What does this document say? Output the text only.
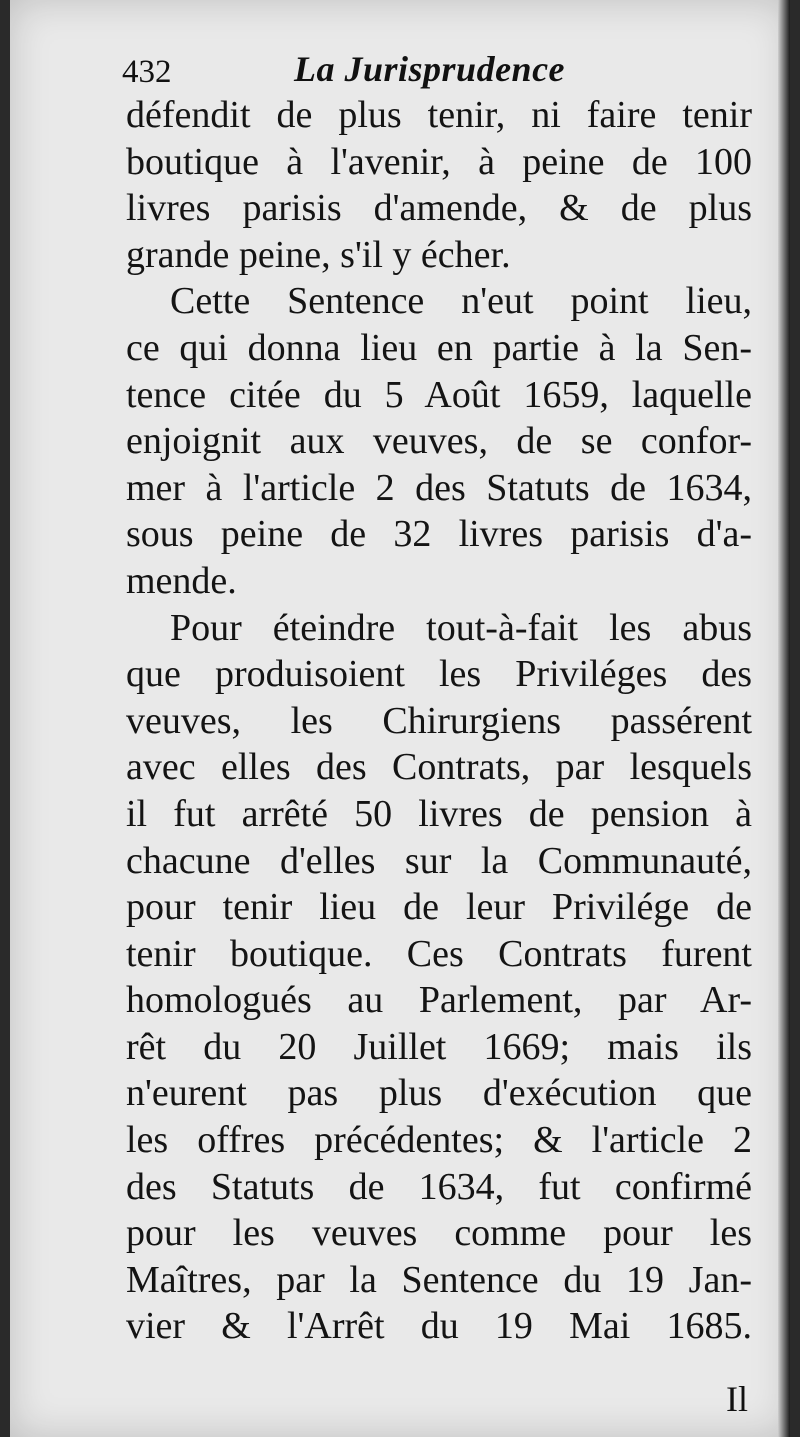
432	La Jurisprudence
défendit de plus tenir, ni faire tenir
boutique à l'avenir, à peine de 100
livres parisis d'amende, & de plus
grande peine, s'il y écher.
Cette Sentence n'eut point lieu,
ce qui donna lieu en partie à la Sen-
tence citée du 5 Août 1659, laquelle
enjoignit aux veuves, de se confor-
mer à l'article 2 des Statuts de 1634,
sous peine de 32 livres parisis d'a-
mende.
Pour éteindre tout-à-fait les abus
que produisoient les Priviléges des
veuves, les Chirurgiens passérent
avec elles des Contrats, par lesquels
il fut arrêté 50 livres de pension à
chacune d'elles sur la Communauté,
pour tenir lieu de leur Privilége de
tenir boutique. Ces Contrats furent
homologués au Parlement, par Ar-
rêt du 20 Juillet 1669; mais ils
n'eurent pas plus d'exécution que
les offres précédentes; & l'article 2
des Statuts de 1634, fut confirmé
pour les veuves comme pour les
Maîtres, par la Sentence du 19 Jan-
vier & l'Arrêt du 19 Mai 1685.
Il
